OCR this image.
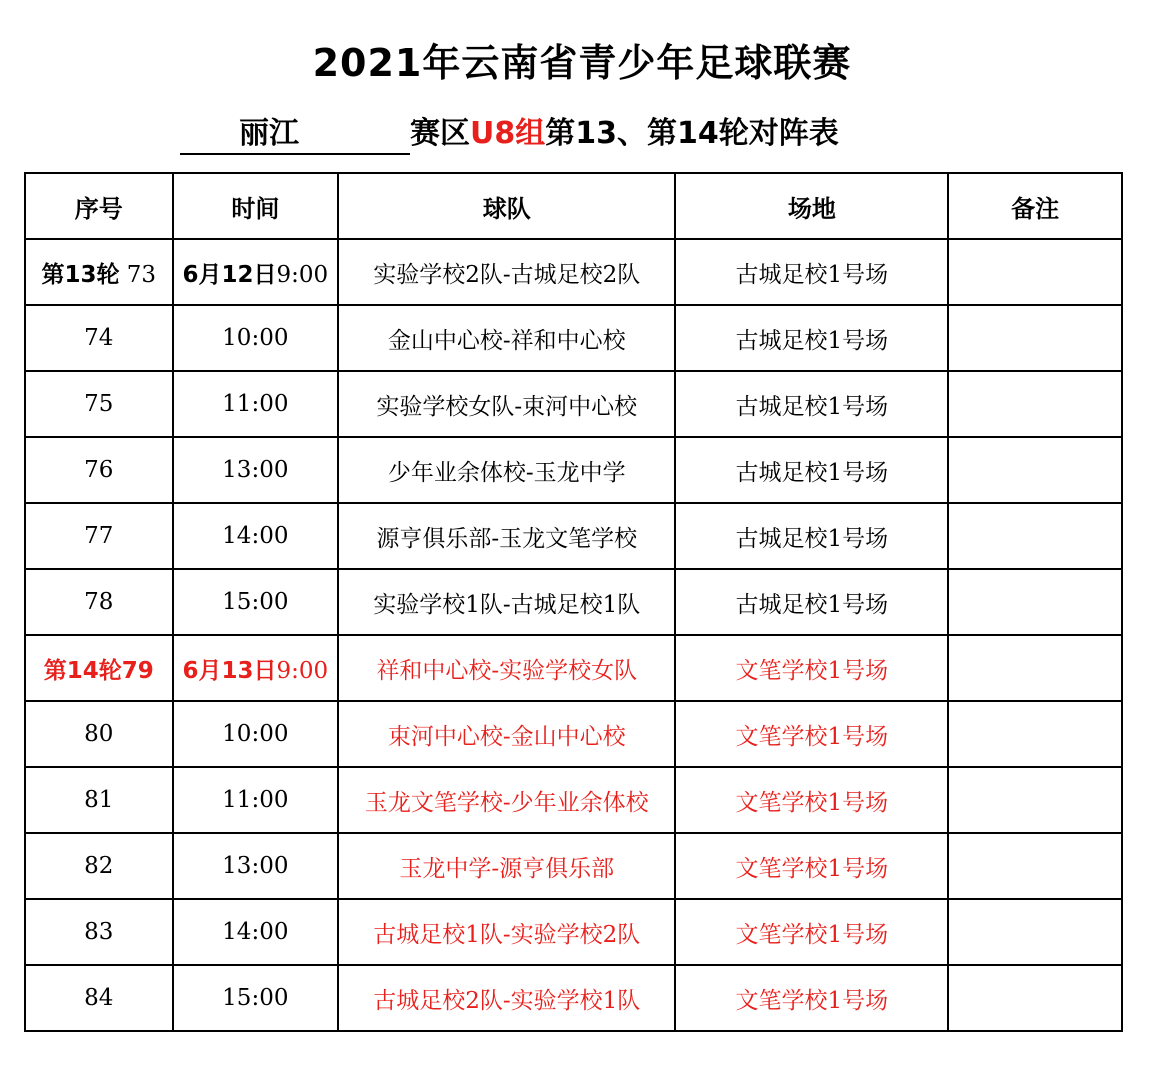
2021年云南省青少年足球联赛
丽江	赛区U8组第13、第14轮对阵表
序号	时间	球队	场地	备注
第13轮 73	6月12日9:00	实验学校2队-古城足校2队	古城足校1号场	
74	10:00	金山中心校-祥和中心校	古城足校1号场	
75	11:00	实验学校女队-束河中心校	古城足校1号场	
76	13:00	少年业余体校-玉龙中学	古城足校1号场	
77	14:00	源亨俱乐部-玉龙文笔学校	古城足校1号场	
78	15:00	实验学校1队-古城足校1队	古城足校1号场	
第14轮79	6月13日9:00	祥和中心校-实验学校女队	文笔学校1号场	
80	10:00	束河中心校-金山中心校	文笔学校1号场	
81	11:00	玉龙文笔学校-少年业余体校	文笔学校1号场	
82	13:00	玉龙中学-源亨俱乐部	文笔学校1号场	
83	14:00	古城足校1队-实验学校2队	文笔学校1号场	
84	15:00	古城足校2队-实验学校1队	文笔学校1号场	
